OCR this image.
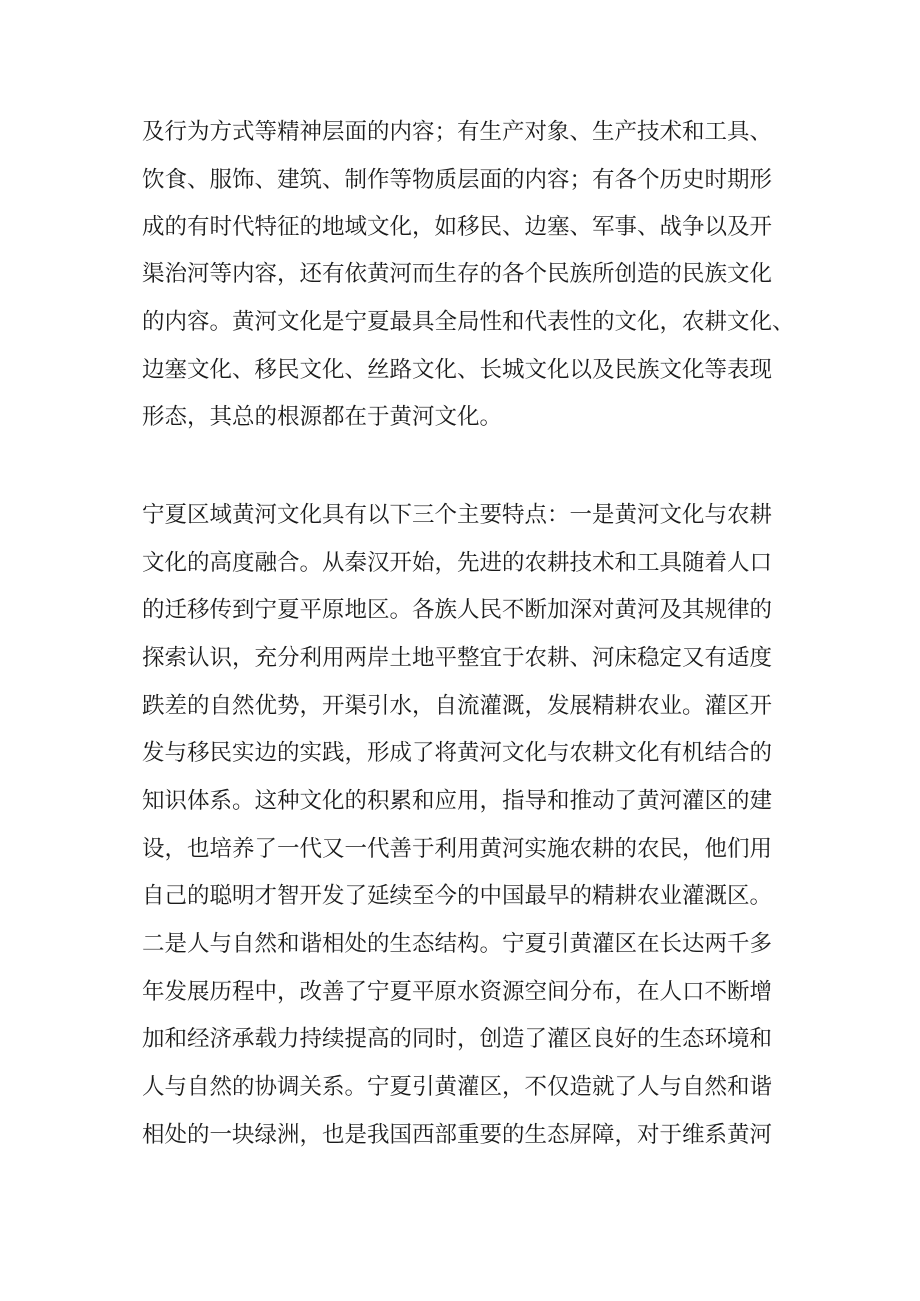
及行为方式等精神层面的内容；有生产对象、生产技术和工具、
饮食、服饰、建筑、制作等物质层面的内容；有各个历史时期形
成的有时代特征的地域文化，如移民、边塞、军事、战争以及开
渠治河等内容，还有依黄河而生存的各个民族所创造的民族文化
的内容。黄河文化是宁夏最具全局性和代表性的文化，农耕文化、
边塞文化、移民文化、丝路文化、长城文化以及民族文化等表现
形态，其总的根源都在于黄河文化。
宁夏区域黄河文化具有以下三个主要特点：一是黄河文化与农耕
文化的高度融合。从秦汉开始，先进的农耕技术和工具随着人口
的迁移传到宁夏平原地区。各族人民不断加深对黄河及其规律的
探索认识，充分利用两岸土地平整宜于农耕、河床稳定又有适度
跌差的自然优势，开渠引水，自流灌溉，发展精耕农业。灌区开
发与移民实边的实践，形成了将黄河文化与农耕文化有机结合的
知识体系。这种文化的积累和应用，指导和推动了黄河灌区的建
设，也培养了一代又一代善于利用黄河实施农耕的农民，他们用
自己的聪明才智开发了延续至今的中国最早的精耕农业灌溉区。
二是人与自然和谐相处的生态结构。宁夏引黄灌区在长达两千多
年发展历程中，改善了宁夏平原水资源空间分布，在人口不断增
加和经济承载力持续提高的同时，创造了灌区良好的生态环境和
人与自然的协调关系。宁夏引黄灌区，不仅造就了人与自然和谐
相处的一块绿洲，也是我国西部重要的生态屏障，对于维系黄河
